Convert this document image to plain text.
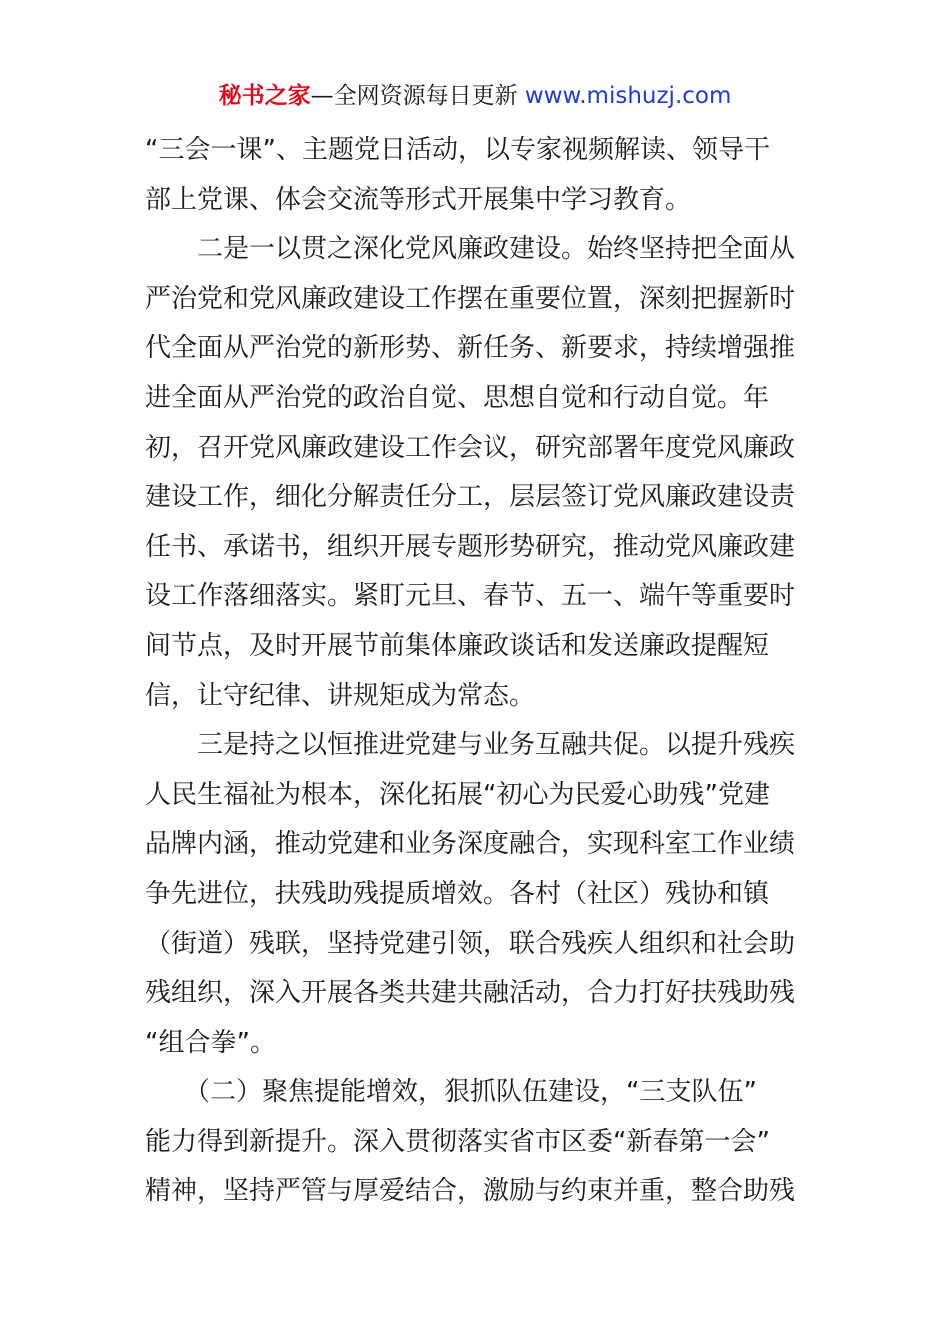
秘书之家—全网资源每日更新 www.mishuzj.com
“三会一课”、主题党日活动，以专家视频解读、领导干
部上党课、体会交流等形式开展集中学习教育。
　　二是一以贯之深化党风廉政建设。始终坚持把全面从
严治党和党风廉政建设工作摆在重要位置，深刻把握新时
代全面从严治党的新形势、新任务、新要求，持续增强推
进全面从严治党的政治自觉、思想自觉和行动自觉。年
初，召开党风廉政建设工作会议，研究部署年度党风廉政
建设工作，细化分解责任分工，层层签订党风廉政建设责
任书、承诺书，组织开展专题形势研究，推动党风廉政建
设工作落细落实。紧盯元旦、春节、五一、端午等重要时
间节点，及时开展节前集体廉政谈话和发送廉政提醒短
信，让守纪律、讲规矩成为常态。
　　三是持之以恒推进党建与业务互融共促。以提升残疾
人民生福祉为根本，深化拓展“初心为民爱心助残”党建
品牌内涵，推动党建和业务深度融合，实现科室工作业绩
争先进位，扶残助残提质增效。各村（社区）残协和镇
（街道）残联，坚持党建引领，联合残疾人组织和社会助
残组织，深入开展各类共建共融活动，合力打好扶残助残
“组合拳”。
　　（二）聚焦提能增效，狠抓队伍建设，“三支队伍”
能力得到新提升。深入贯彻落实省市区委“新春第一会”
精神，坚持严管与厚爱结合，激励与约束并重，整合助残
